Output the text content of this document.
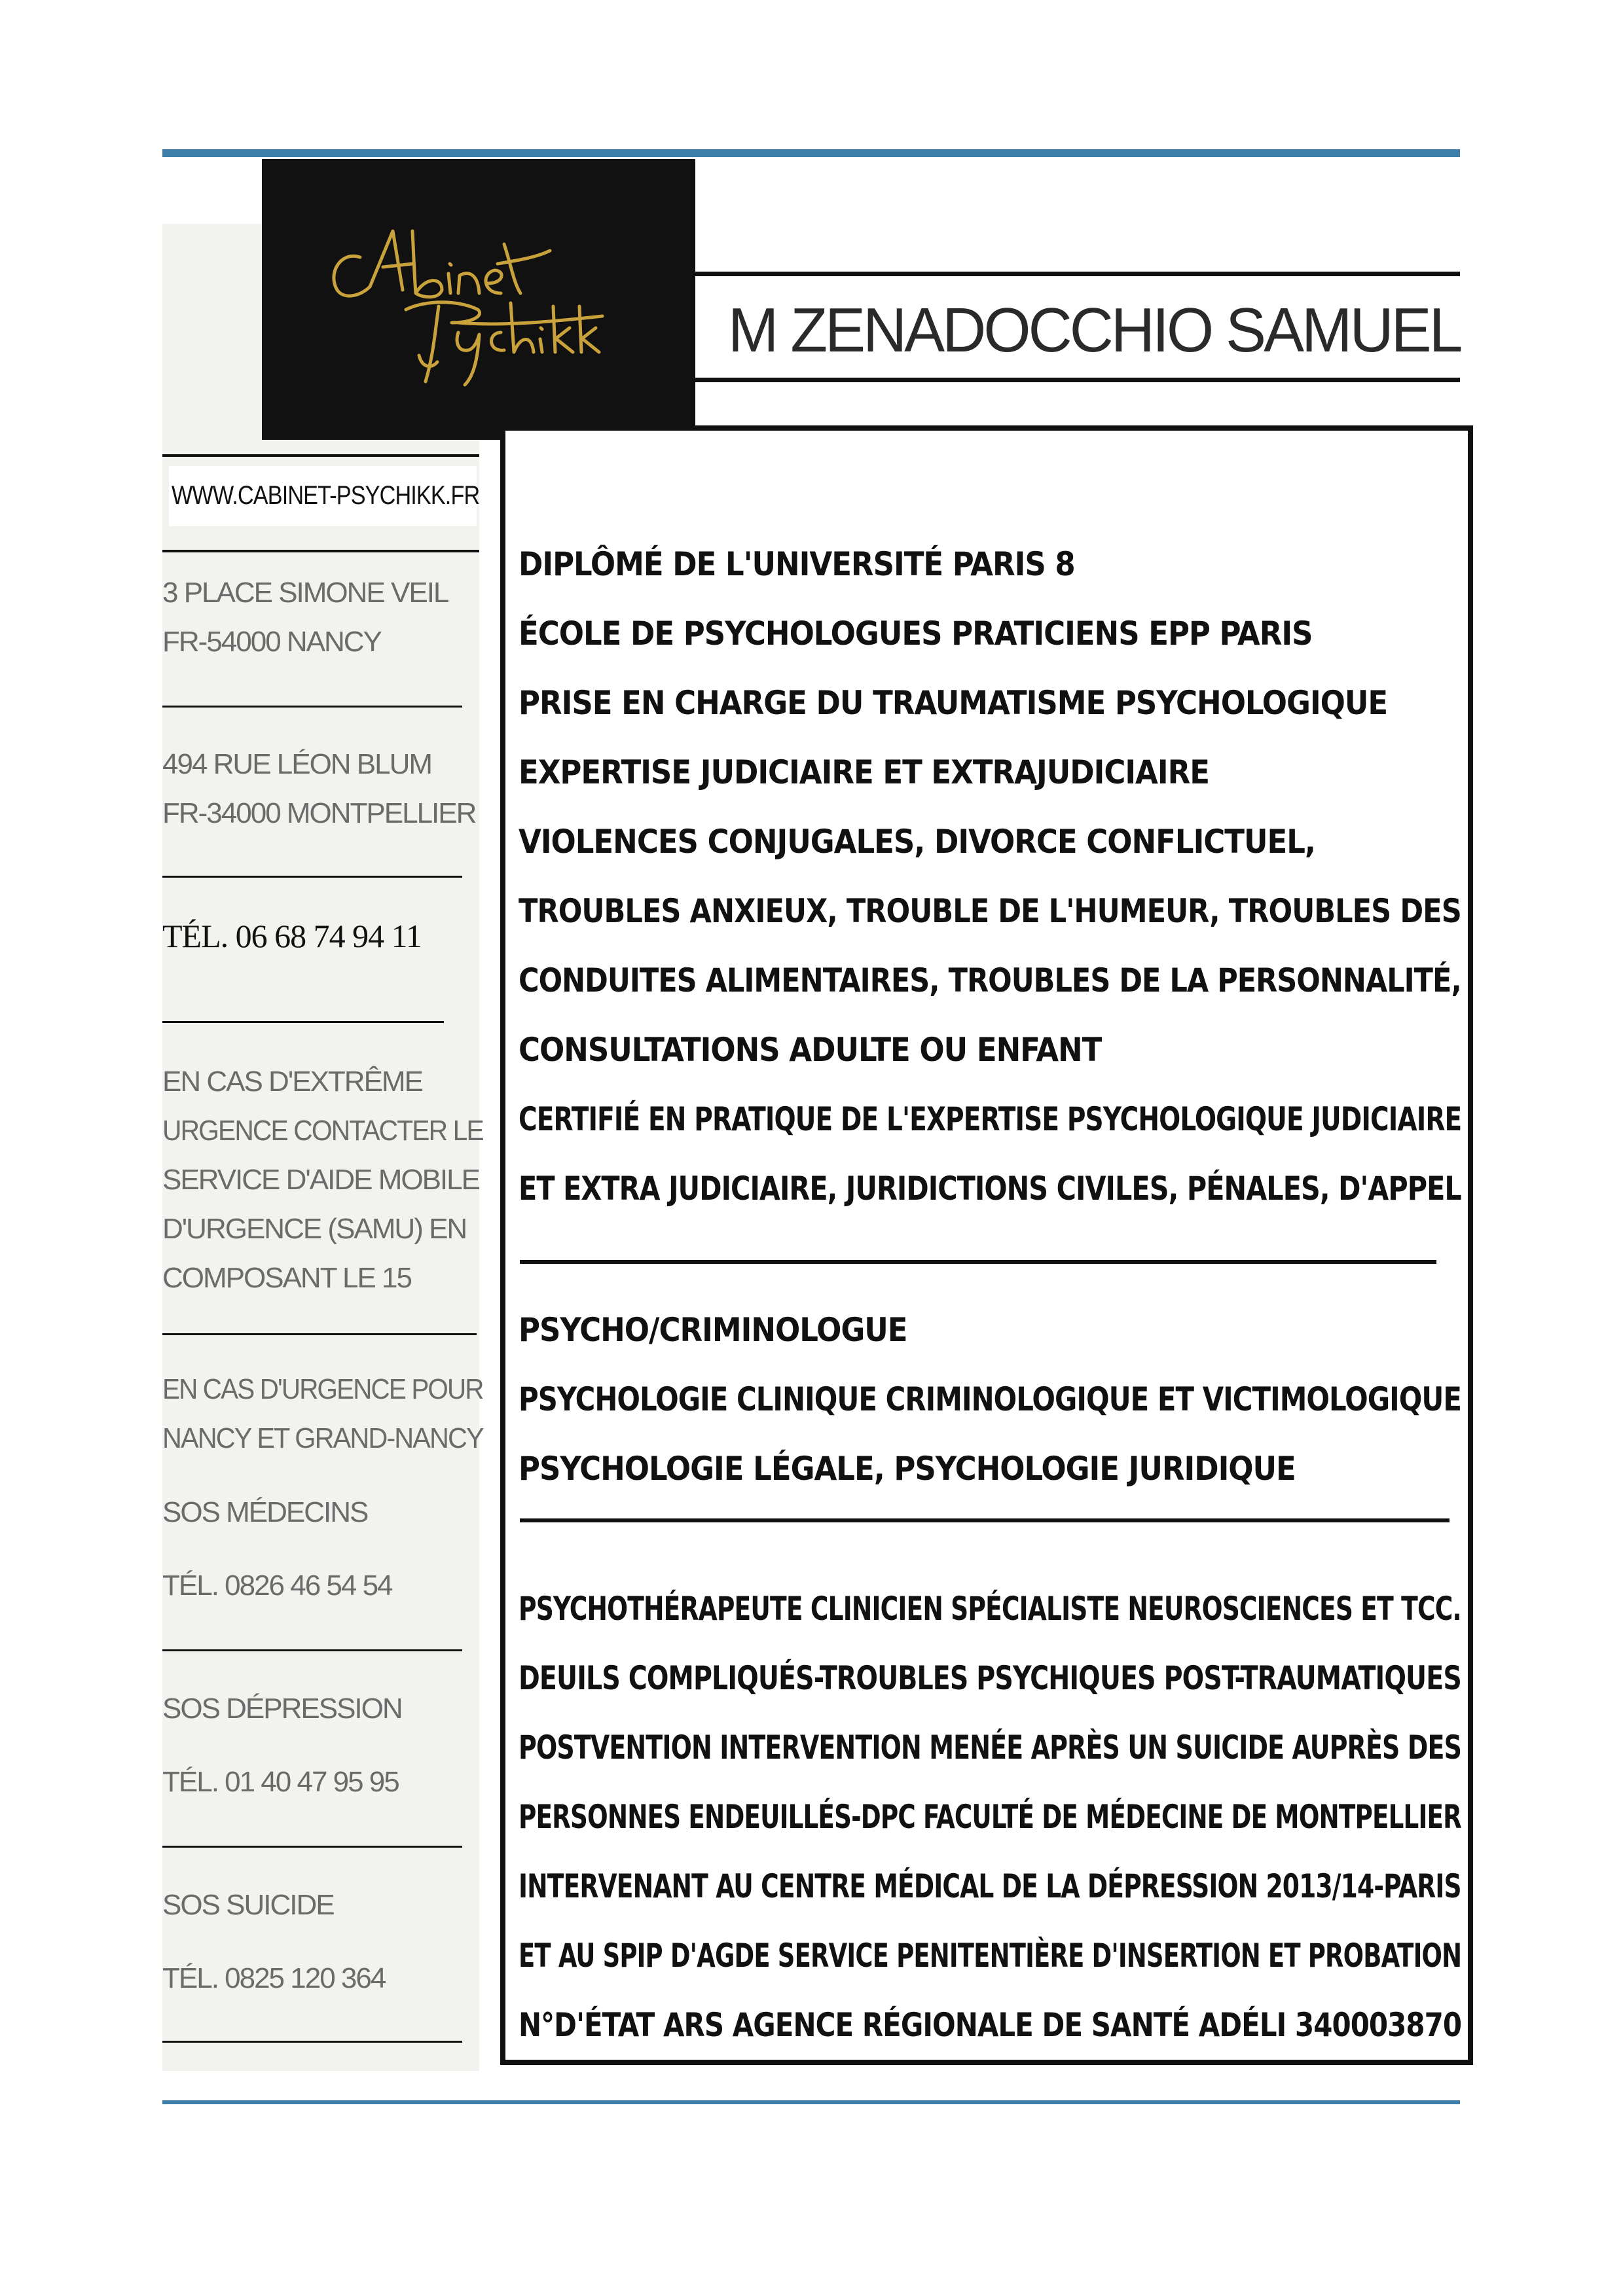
M ZENADOCCHIO SAMUEL
WWW.CABINET-PSYCHIKK.FR
3 PLACE SIMONE VEIL
FR-54000 NANCY
494 RUE LÉON BLUM
FR-34000 MONTPELLIER
TÉL. 06 68 74 94 11
EN CAS D'EXTRÊME
URGENCE CONTACTER LE
SERVICE D'AIDE MOBILE
D'URGENCE (SAMU) EN
COMPOSANT LE 15
EN CAS D'URGENCE POUR
NANCY ET GRAND-NANCY
SOS MÉDECINS
TÉL. 0826 46 54 54
SOS DÉPRESSION
TÉL. 01 40 47 95 95
SOS SUICIDE
TÉL. 0825 120 364
DIPLÔMÉ DE L'UNIVERSITÉ PARIS 8
ÉCOLE DE PSYCHOLOGUES PRATICIENS EPP PARIS
PRISE EN CHARGE DU TRAUMATISME PSYCHOLOGIQUE
EXPERTISE JUDICIAIRE ET EXTRAJUDICIAIRE
VIOLENCES CONJUGALES, DIVORCE CONFLICTUEL,
TROUBLES ANXIEUX, TROUBLE DE L'HUMEUR, TROUBLES DES
CONDUITES ALIMENTAIRES, TROUBLES DE LA PERSONNALITÉ,
CONSULTATIONS ADULTE OU ENFANT
CERTIFIÉ EN PRATIQUE DE L'EXPERTISE PSYCHOLOGIQUE JUDICIAIRE
ET EXTRA JUDICIAIRE, JURIDICTIONS CIVILES, PÉNALES, D'APPEL
PSYCHO/CRIMINOLOGUE
PSYCHOLOGIE CLINIQUE CRIMINOLOGIQUE ET VICTIMOLOGIQUE
PSYCHOLOGIE LÉGALE, PSYCHOLOGIE JURIDIQUE
PSYCHOTHÉRAPEUTE CLINICIEN SPÉCIALISTE NEUROSCIENCES ET TCC.
DEUILS COMPLIQUÉS-TROUBLES PSYCHIQUES POST-TRAUMATIQUES
POSTVENTION INTERVENTION MENÉE APRÈS UN SUICIDE AUPRÈS DES
PERSONNES ENDEUILLÉS-DPC FACULTÉ DE MÉDECINE DE MONTPELLIER
INTERVENANT AU CENTRE MÉDICAL DE LA DÉPRESSION 2013/14-PARIS
ET AU SPIP D'AGDE SERVICE PENITENTIÈRE D'INSERTION ET PROBATION
N°D'ÉTAT ARS AGENCE RÉGIONALE DE SANTÉ ADÉLI 340003870
